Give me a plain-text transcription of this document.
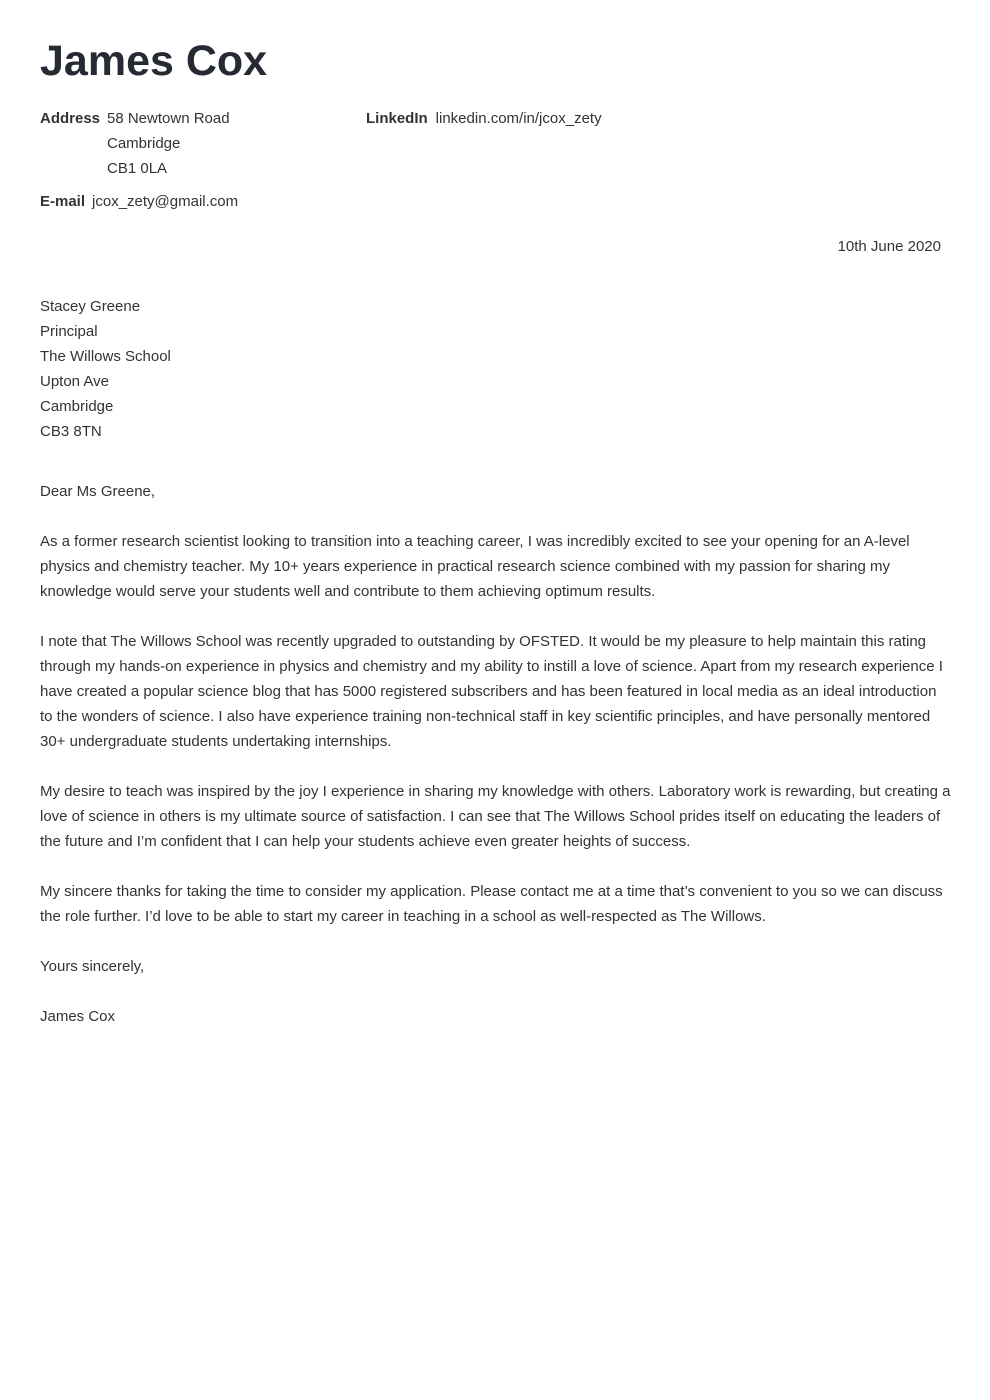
James Cox
Address 58 Newtown Road
Cambridge
CB1 0LA
LinkedIn linkedin.com/in/jcox_zety
E-mail jcox_zety@gmail.com
10th June 2020
Stacey Greene
Principal
The Willows School
Upton Ave
Cambridge
CB3 8TN

Dear Ms Greene,

As a former research scientist looking to transition into a teaching career, I was incredibly excited to see your opening for an A-level physics and chemistry teacher. My 10+ years experience in practical research science combined with my passion for sharing my knowledge would serve your students well and contribute to them achieving optimum results.

I note that The Willows School was recently upgraded to outstanding by OFSTED. It would be my pleasure to help maintain this rating through my hands-on experience in physics and chemistry and my ability to instill a love of science. Apart from my research experience I have created a popular science blog that has 5000 registered subscribers and has been featured in local media as an ideal introduction to the wonders of science. I also have experience training non-technical staff in key scientific principles, and have personally mentored 30+ undergraduate students undertaking internships.

My desire to teach was inspired by the joy I experience in sharing my knowledge with others. Laboratory work is rewarding, but creating a love of science in others is my ultimate source of satisfaction. I can see that The Willows School prides itself on educating the leaders of the future and I’m confident that I can help your students achieve even greater heights of success.

My sincere thanks for taking the time to consider my application. Please contact me at a time that’s convenient to you so we can discuss the role further. I’d love to be able to start my career in teaching in a school as well-respected as The Willows.

Yours sincerely,

James Cox
